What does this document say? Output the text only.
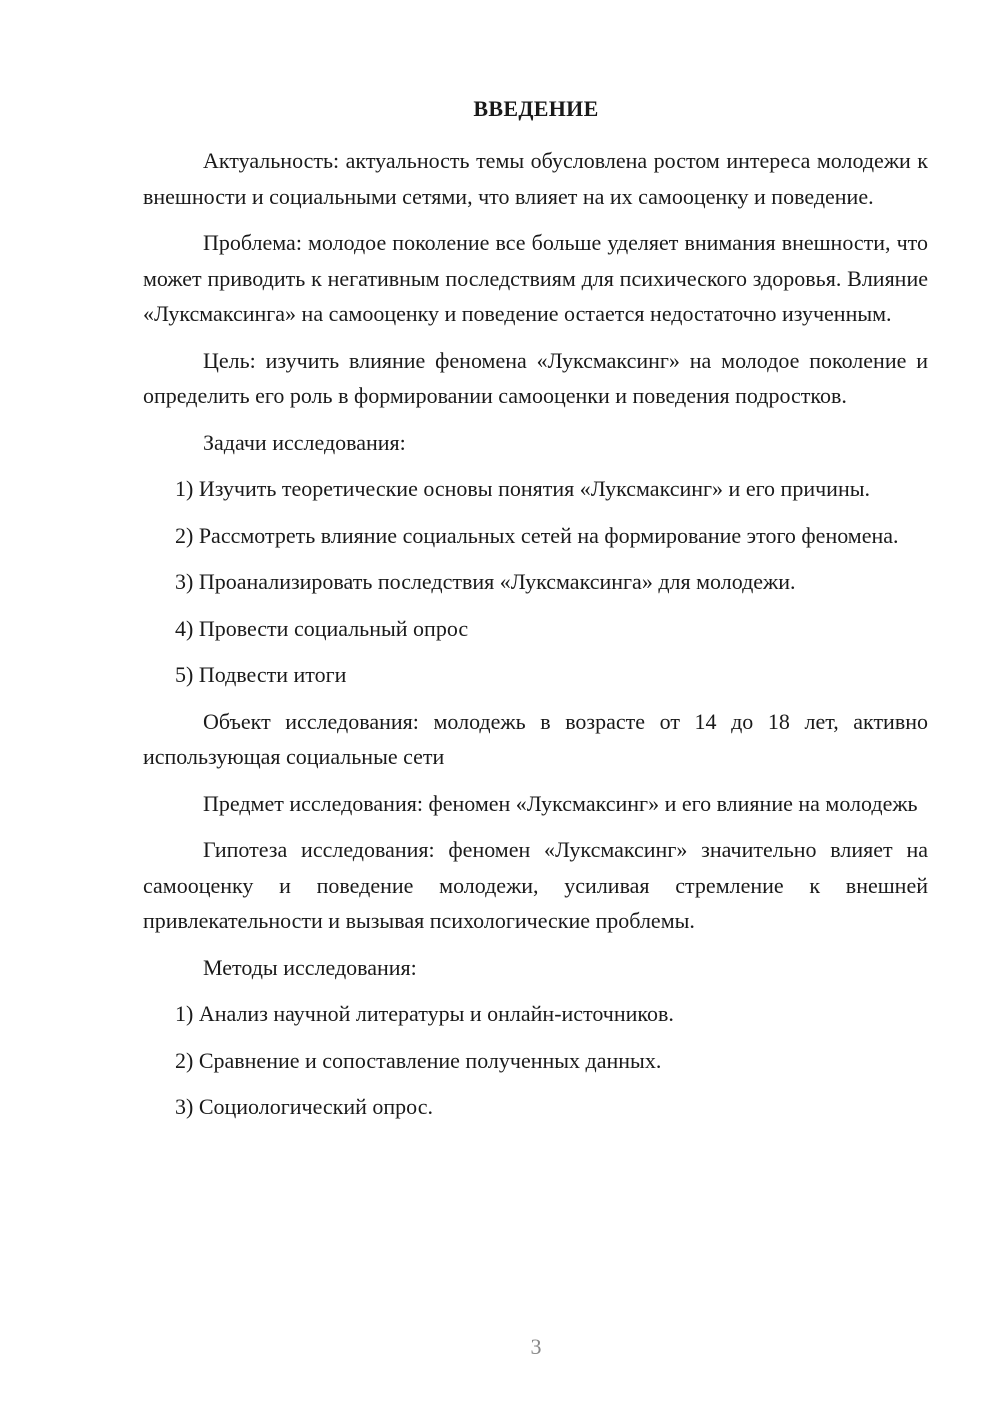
ВВЕДЕНИЕ

Актуальность: актуальность темы обусловлена ростом интереса молодежи к внешности и социальными сетями, что влияет на их самооценку и поведение.

Проблема: молодое поколение все больше уделяет внимания внешности, что может приводить к негативным последствиям для психического здоровья. Влияние «Луксмаксинга» на самооценку и поведение остается недостаточно изученным.

Цель: изучить влияние феномена «Луксмаксинг» на молодое поколение и определить его роль в формировании самооценки и поведения подростков.

Задачи исследования:

1) Изучить теоретические основы понятия «Луксмаксинг» и его причины.

2) Рассмотреть влияние социальных сетей на формирование этого феномена.

3) Проанализировать последствия «Луксмаксинга» для молодежи.

4) Провести социальный опрос

5) Подвести итоги

Объект исследования: молодежь в возрасте от 14 до 18 лет, активно использующая социальные сети

Предмет исследования: феномен «Луксмаксинг» и его влияние на молодежь

Гипотеза исследования: феномен «Луксмаксинг» значительно влияет на самооценку и поведение молодежи, усиливая стремление к внешней привлекательности и вызывая психологические проблемы.

Методы исследования:

1) Анализ научной литературы и онлайн-источников.

2) Сравнение и сопоставление полученных данных.

3) Социологический опрос.

3
